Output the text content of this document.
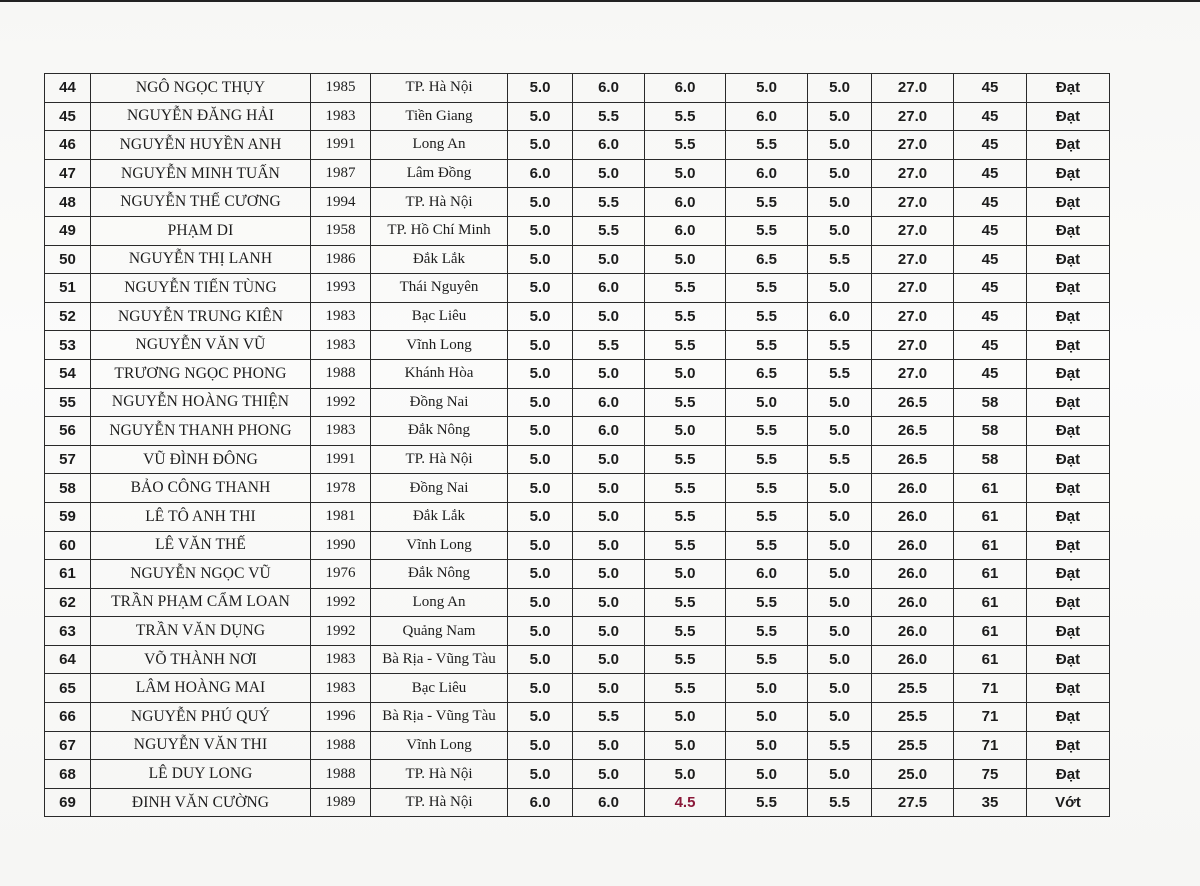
44	NGÔ NGỌC THỤY	1985	TP. Hà Nội	5.0	6.0	6.0	5.0	5.0	27.0	45	Đạt
45	NGUYỄN ĐĂNG HẢI	1983	Tiền Giang	5.0	5.5	5.5	6.0	5.0	27.0	45	Đạt
46	NGUYỄN HUYỀN ANH	1991	Long An	5.0	6.0	5.5	5.5	5.0	27.0	45	Đạt
47	NGUYỄN MINH TUẤN	1987	Lâm Đồng	6.0	5.0	5.0	6.0	5.0	27.0	45	Đạt
48	NGUYỄN THẾ CƯƠNG	1994	TP. Hà Nội	5.0	5.5	6.0	5.5	5.0	27.0	45	Đạt
49	PHẠM DI	1958	TP. Hồ Chí Minh	5.0	5.5	6.0	5.5	5.0	27.0	45	Đạt
50	NGUYỄN THỊ LANH	1986	Đắk Lắk	5.0	5.0	5.0	6.5	5.5	27.0	45	Đạt
51	NGUYỄN TIẾN TÙNG	1993	Thái Nguyên	5.0	6.0	5.5	5.5	5.0	27.0	45	Đạt
52	NGUYỄN TRUNG KIÊN	1983	Bạc Liêu	5.0	5.0	5.5	5.5	6.0	27.0	45	Đạt
53	NGUYỄN VĂN VŨ	1983	Vĩnh Long	5.0	5.5	5.5	5.5	5.5	27.0	45	Đạt
54	TRƯƠNG NGỌC PHONG	1988	Khánh Hòa	5.0	5.0	5.0	6.5	5.5	27.0	45	Đạt
55	NGUYỄN HOÀNG THIỆN	1992	Đồng Nai	5.0	6.0	5.5	5.0	5.0	26.5	58	Đạt
56	NGUYỄN THANH PHONG	1983	Đắk Nông	5.0	6.0	5.0	5.5	5.0	26.5	58	Đạt
57	VŨ ĐÌNH ĐÔNG	1991	TP. Hà Nội	5.0	5.0	5.5	5.5	5.5	26.5	58	Đạt
58	BẢO CÔNG THANH	1978	Đồng Nai	5.0	5.0	5.5	5.5	5.0	26.0	61	Đạt
59	LÊ TÔ ANH THI	1981	Đắk Lắk	5.0	5.0	5.5	5.5	5.0	26.0	61	Đạt
60	LÊ VĂN THẾ	1990	Vĩnh Long	5.0	5.0	5.5	5.5	5.0	26.0	61	Đạt
61	NGUYỄN NGỌC VŨ	1976	Đắk Nông	5.0	5.0	5.0	6.0	5.0	26.0	61	Đạt
62	TRẦN PHẠM CẨM LOAN	1992	Long An	5.0	5.0	5.5	5.5	5.0	26.0	61	Đạt
63	TRẦN VĂN DỤNG	1992	Quảng Nam	5.0	5.0	5.5	5.5	5.0	26.0	61	Đạt
64	VÕ THÀNH NƠI	1983	Bà Rịa - Vũng Tàu	5.0	5.0	5.5	5.5	5.0	26.0	61	Đạt
65	LÂM HOÀNG MAI	1983	Bạc Liêu	5.0	5.0	5.5	5.0	5.0	25.5	71	Đạt
66	NGUYỄN PHÚ QUÝ	1996	Bà Rịa - Vũng Tàu	5.0	5.5	5.0	5.0	5.0	25.5	71	Đạt
67	NGUYỄN VĂN THI	1988	Vĩnh Long	5.0	5.0	5.0	5.0	5.5	25.5	71	Đạt
68	LÊ DUY LONG	1988	TP. Hà Nội	5.0	5.0	5.0	5.0	5.0	25.0	75	Đạt
69	ĐINH VĂN CƯỜNG	1989	TP. Hà Nội	6.0	6.0	4.5	5.5	5.5	27.5	35	Vớt
